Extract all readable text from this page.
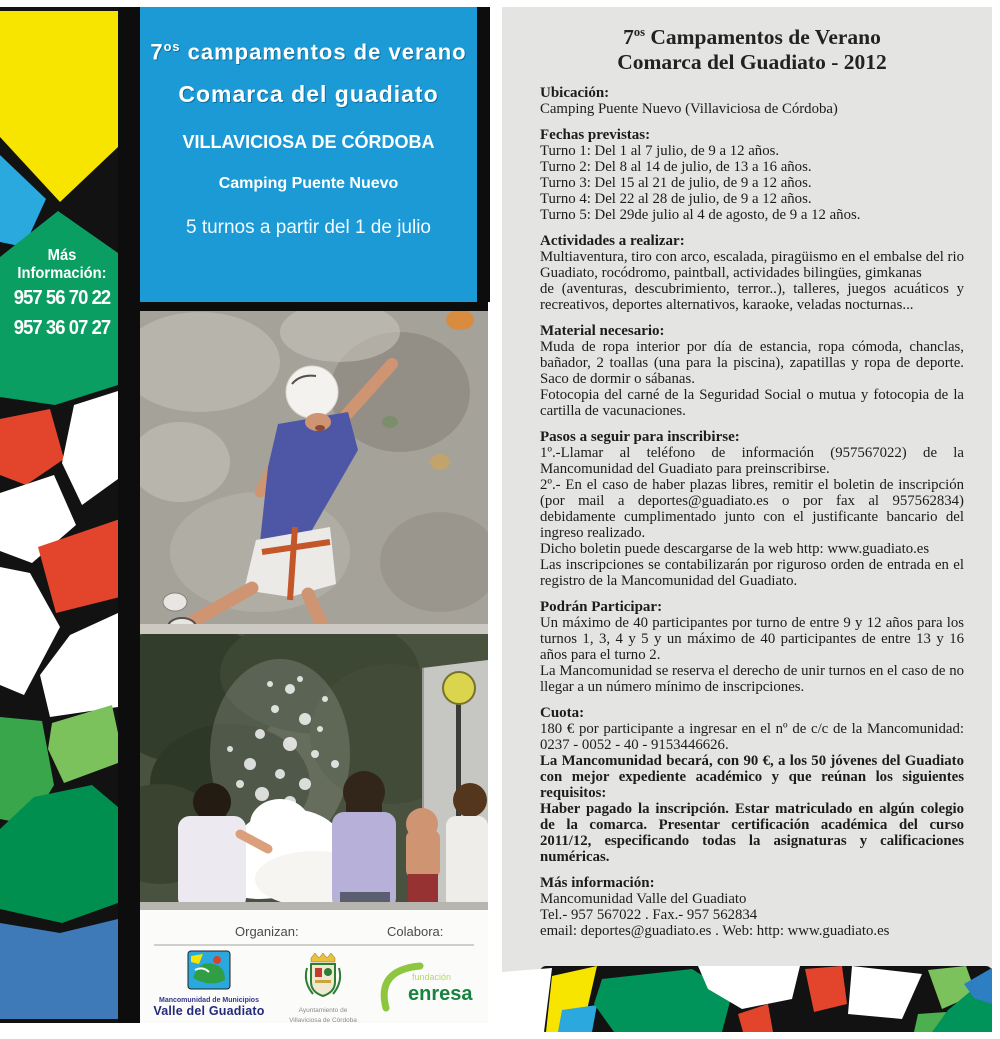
Más Información:
957 56 70 22
957 36 07 27
$7^{os}$ campamentos de verano
Comarca del guadiato
VILLAVICIOSA DE CÓRDOBA
Camping Puente Nuevo
5 turnos a partir del 1 de julio
Organizan:	Colabora:
Mancomunidad de Municipios
Valle del Guadiato	Ayuntamiento de
Villaviciosa de Córdoba
fundación
enresa
$7^{os}$ Campamentos de Verano
Comarca del Guadiato - 2012
Ubicación:
Camping Puente Nuevo (Villaviciosa de Córdoba)
Fechas previstas:
Turno 1: Del 1 al 7 julio, de 9 a 12 años.
Turno 2: Del 8 al 14 de julio, de 13 a 16 años.
Turno 3: Del 15 al 21 de julio, de 9 a 12 años.
Turno 4: Del 22 al 28 de julio, de 9 a 12 años.
Turno 5: Del 29de julio al 4 de agosto, de 9 a 12 años.
Actividades a realizar:

Multiaventura, tiro con arco, escalada, piragüismo en el embalse del rio Guadiato, rocódromo, paintball, actividades bilingües, gimkanas

de (aventuras, descubrimiento, terror..), talleres, juegos acuáticos y recreativos, deportes alternativos, karaoke, veladas nocturnas...

Material necesario:

Muda de ropa interior por día de estancia, ropa cómoda, chanclas, bañador, 2 toallas (una para la piscina), zapatillas y ropa de deporte. Saco de dormir o sábanas.

Fotocopia del carné de la Seguridad Social o mutua y fotocopia de la cartilla de vacunaciones.

Pasos a seguir para inscribirse:

1º.-Llamar al teléfono de información (957567022) de la Mancomunidad del Guadiato para preinscribirse.

2º.- En el caso de haber plazas libres, remitir el boletin de inscripción (por mail a deportes@guadiato.es o por fax al 957562834) debidamente cumplimentado junto con el justificante bancario del ingreso realizado.

Dicho boletin puede descargarse de la web http: www.guadiato.es

Las inscripciones se contabilizarán por riguroso orden de entrada en el registro de la Mancomunidad del Guadiato.

Podrán Participar:

Un máximo de 40 participantes por turno de entre 9 y 12 años para los turnos 1, 3, 4 y 5 y un máximo de 40 participantes de entre 13 y 16 años para el turno 2.

La Mancomunidad se reserva el derecho de unir turnos en el caso de no llegar a un número mínimo de inscripciones.

Cuota:

180 € por participante a ingresar en el nº de c/c de la Mancomunidad: 0237 - 0052 - 40 - 9153446626.

La Mancomunidad becará, con 90 €, a los 50 jóvenes del Guadiato con mejor expediente académico y que reúnan los siguientes requisitos:

Haber pagado la inscripción. Estar matriculado en algún colegio de la comarca. Presentar certificación académica del curso 2011/12, especificando todas la asignaturas y calificaciones numéricas.

Más información:
Mancomunidad Valle del Guadiato
Tel.- 957 567022 . Fax.- 957 562834
email: deportes@guadiato.es . Web: http: www.guadiato.es
